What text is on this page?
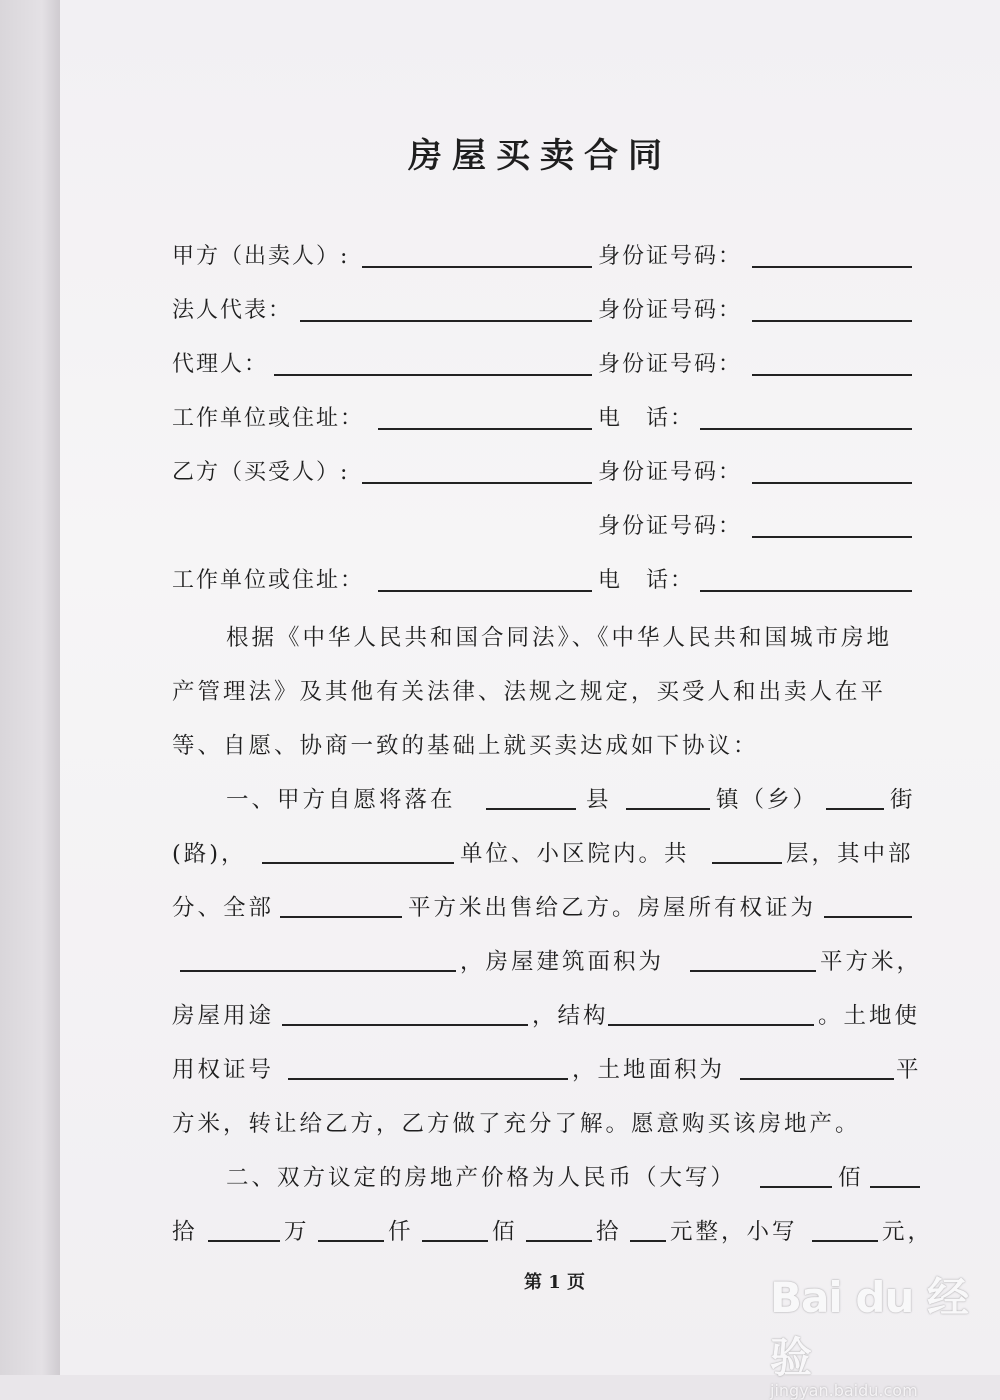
房屋买卖合同
甲方（出卖人）:	身份证号码：
法人代表：	身份证号码：
代理人：	身份证号码：
工作单位或住址：	电　话：
乙方（买受人）:	身份证号码：
身份证号码：
工作单位或住址：	电　话：
根据《中华人民共和国合同法》、《中华人民共和国城市房地
产管理法》及其他有关法律、法规之规定，买受人和出卖人在平
等、自愿、协商一致的基础上就买卖达成如下协议：
一、甲方自愿将落在	县	镇（乡）	街
(路)，	单位、小区院内。共	层，其中部
分、全部	平方米出售给乙方。房屋所有权证为
，房屋建筑面积为	平方米，
房屋用途	，结构	。土地使
用权证号	，土地面积为	平
方米，转让给乙方，乙方做了充分了解。愿意购买该房地产。
二、双方议定的房地产价格为人民币（大写）	佰
拾	万	仟	佰	拾 元整，小写	元，
第 1 页	Bai du 经验
jingyan.baidu.com
